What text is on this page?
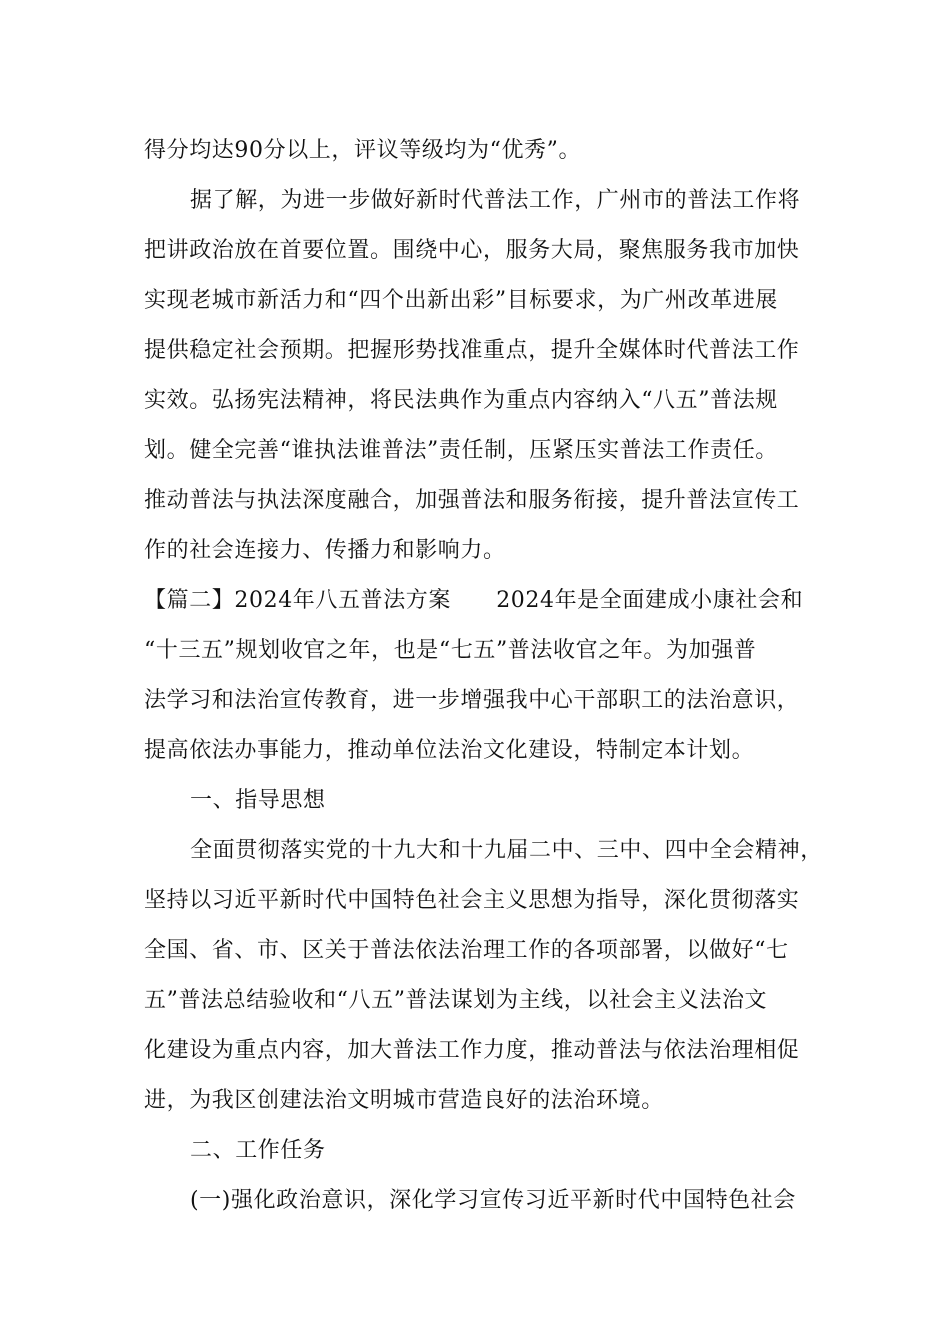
得分均达90分以上，评议等级均为“优秀”。
据了解，为进一步做好新时代普法工作，广州市的普法工作将
把讲政治放在首要位置。围绕中心，服务大局，聚焦服务我市加快
实现老城市新活力和“四个出新出彩”目标要求，为广州改革进展
提供稳定社会预期。把握形势找准重点，提升全媒体时代普法工作
实效。弘扬宪法精神，将民法典作为重点内容纳入“八五”普法规
划。健全完善“谁执法谁普法”责任制，压紧压实普法工作责任。
推动普法与执法深度融合，加强普法和服务衔接，提升普法宣传工
作的社会连接力、传播力和影响力。
【篇二】2024年八五普法方案　　2024年是全面建成小康社会和
“十三五”规划收官之年，也是“七五”普法收官之年。为加强普
法学习和法治宣传教育，进一步增强我中心干部职工的法治意识，
提高依法办事能力，推动单位法治文化建设，特制定本计划。
一、指导思想
全面贯彻落实党的十九大和十九届二中、三中、四中全会精神，
坚持以习近平新时代中国特色社会主义思想为指导，深化贯彻落实
全国、省、市、区关于普法依法治理工作的各项部署，以做好“七
五”普法总结验收和“八五”普法谋划为主线，以社会主义法治文
化建设为重点内容，加大普法工作力度，推动普法与依法治理相促
进，为我区创建法治文明城市营造良好的法治环境。
二、工作任务
(一)强化政治意识，深化学习宣传习近平新时代中国特色社会
